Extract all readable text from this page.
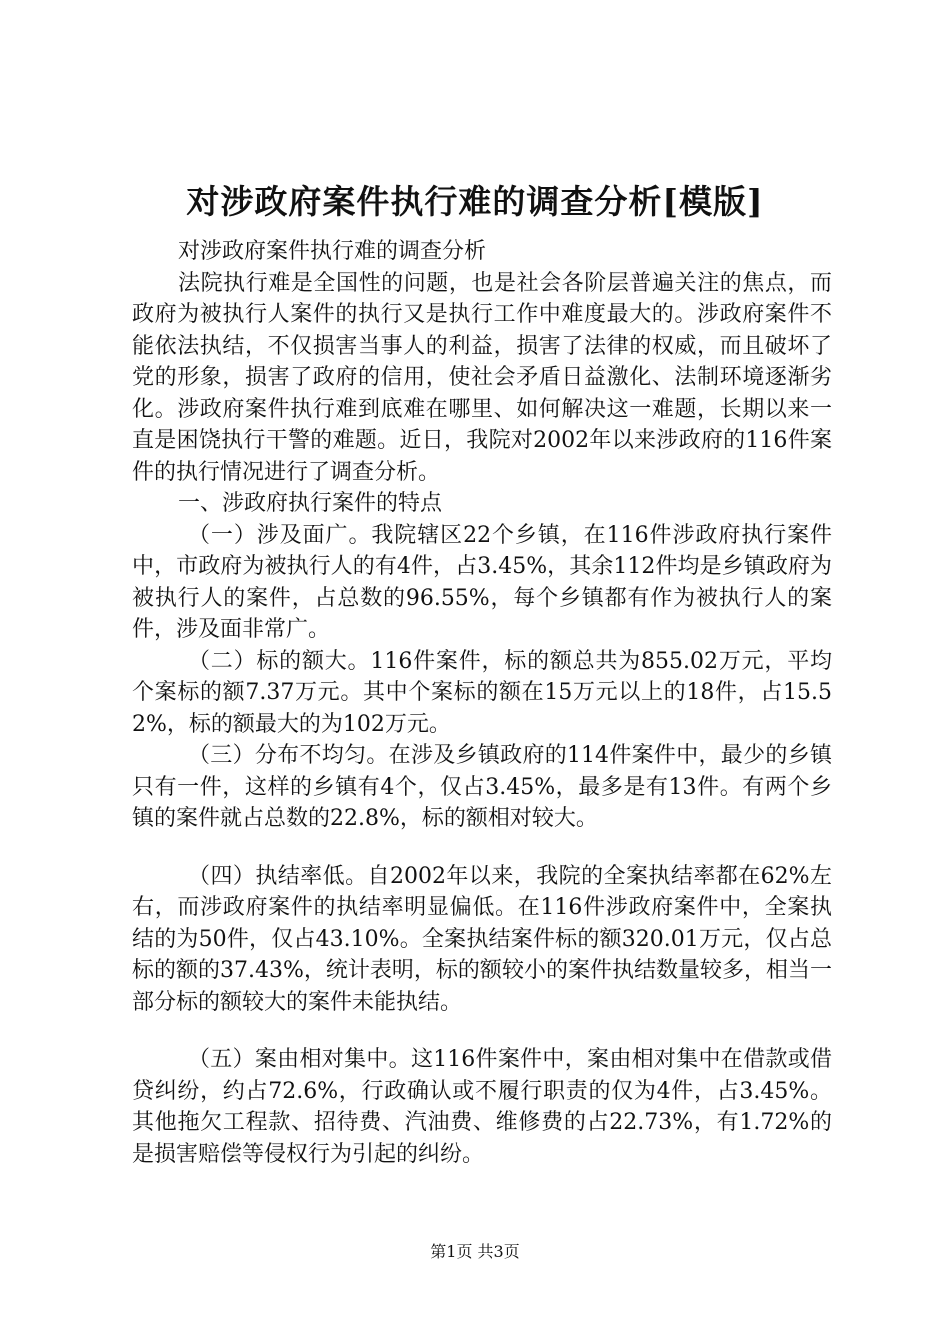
对涉政府案件执行难的调查分析[模版]

对涉政府案件执行难的调查分析

法院执行难是全国性的问题，也是社会各阶层普遍关注的焦点，而政府为被执行人案件的执行又是执行工作中难度最大的。涉政府案件不能依法执结，不仅损害当事人的利益，损害了法律的权威，而且破坏了党的形象，损害了政府的信用，使社会矛盾日益激化、法制环境逐渐劣化。涉政府案件执行难到底难在哪里、如何解决这一难题，长期以来一直是困饶执行干警的难题。近日，我院对2002年以来涉政府的116件案件的执行情况进行了调查分析。

一、涉政府执行案件的特点

（一）涉及面广。我院辖区22个乡镇，在116件涉政府执行案件中，市政府为被执行人的有4件，占3.45%，其余112件均是乡镇政府为被执行人的案件，占总数的96.55%，每个乡镇都有作为被执行人的案件，涉及面非常广。

（二）标的额大。116件案件，标的额总共为855.02万元，平均个案标的额7.37万元。其中个案标的额在15万元以上的18件，占15.52%，标的额最大的为102万元。

（三）分布不均匀。在涉及乡镇政府的114件案件中，最少的乡镇只有一件，这样的乡镇有4个，仅占3.45%，最多是有13件。有两个乡镇的案件就占总数的22.8%，标的额相对较大。

（四）执结率低。自2002年以来，我院的全案执结率都在62%左右，而涉政府案件的执结率明显偏低。在116件涉政府案件中，全案执结的为50件，仅占43.10%。全案执结案件标的额320.01万元，仅占总标的额的37.43%，统计表明，标的额较小的案件执结数量较多，相当一部分标的额较大的案件未能执结。

（五）案由相对集中。这116件案件中，案由相对集中在借款或借贷纠纷，约占72.6%，行政确认或不履行职责的仅为4件，占3.45%。其他拖欠工程款、招待费、汽油费、维修费的占22.73%，有1.72%的是损害赔偿等侵权行为引起的纠纷。

第1页 共3页
